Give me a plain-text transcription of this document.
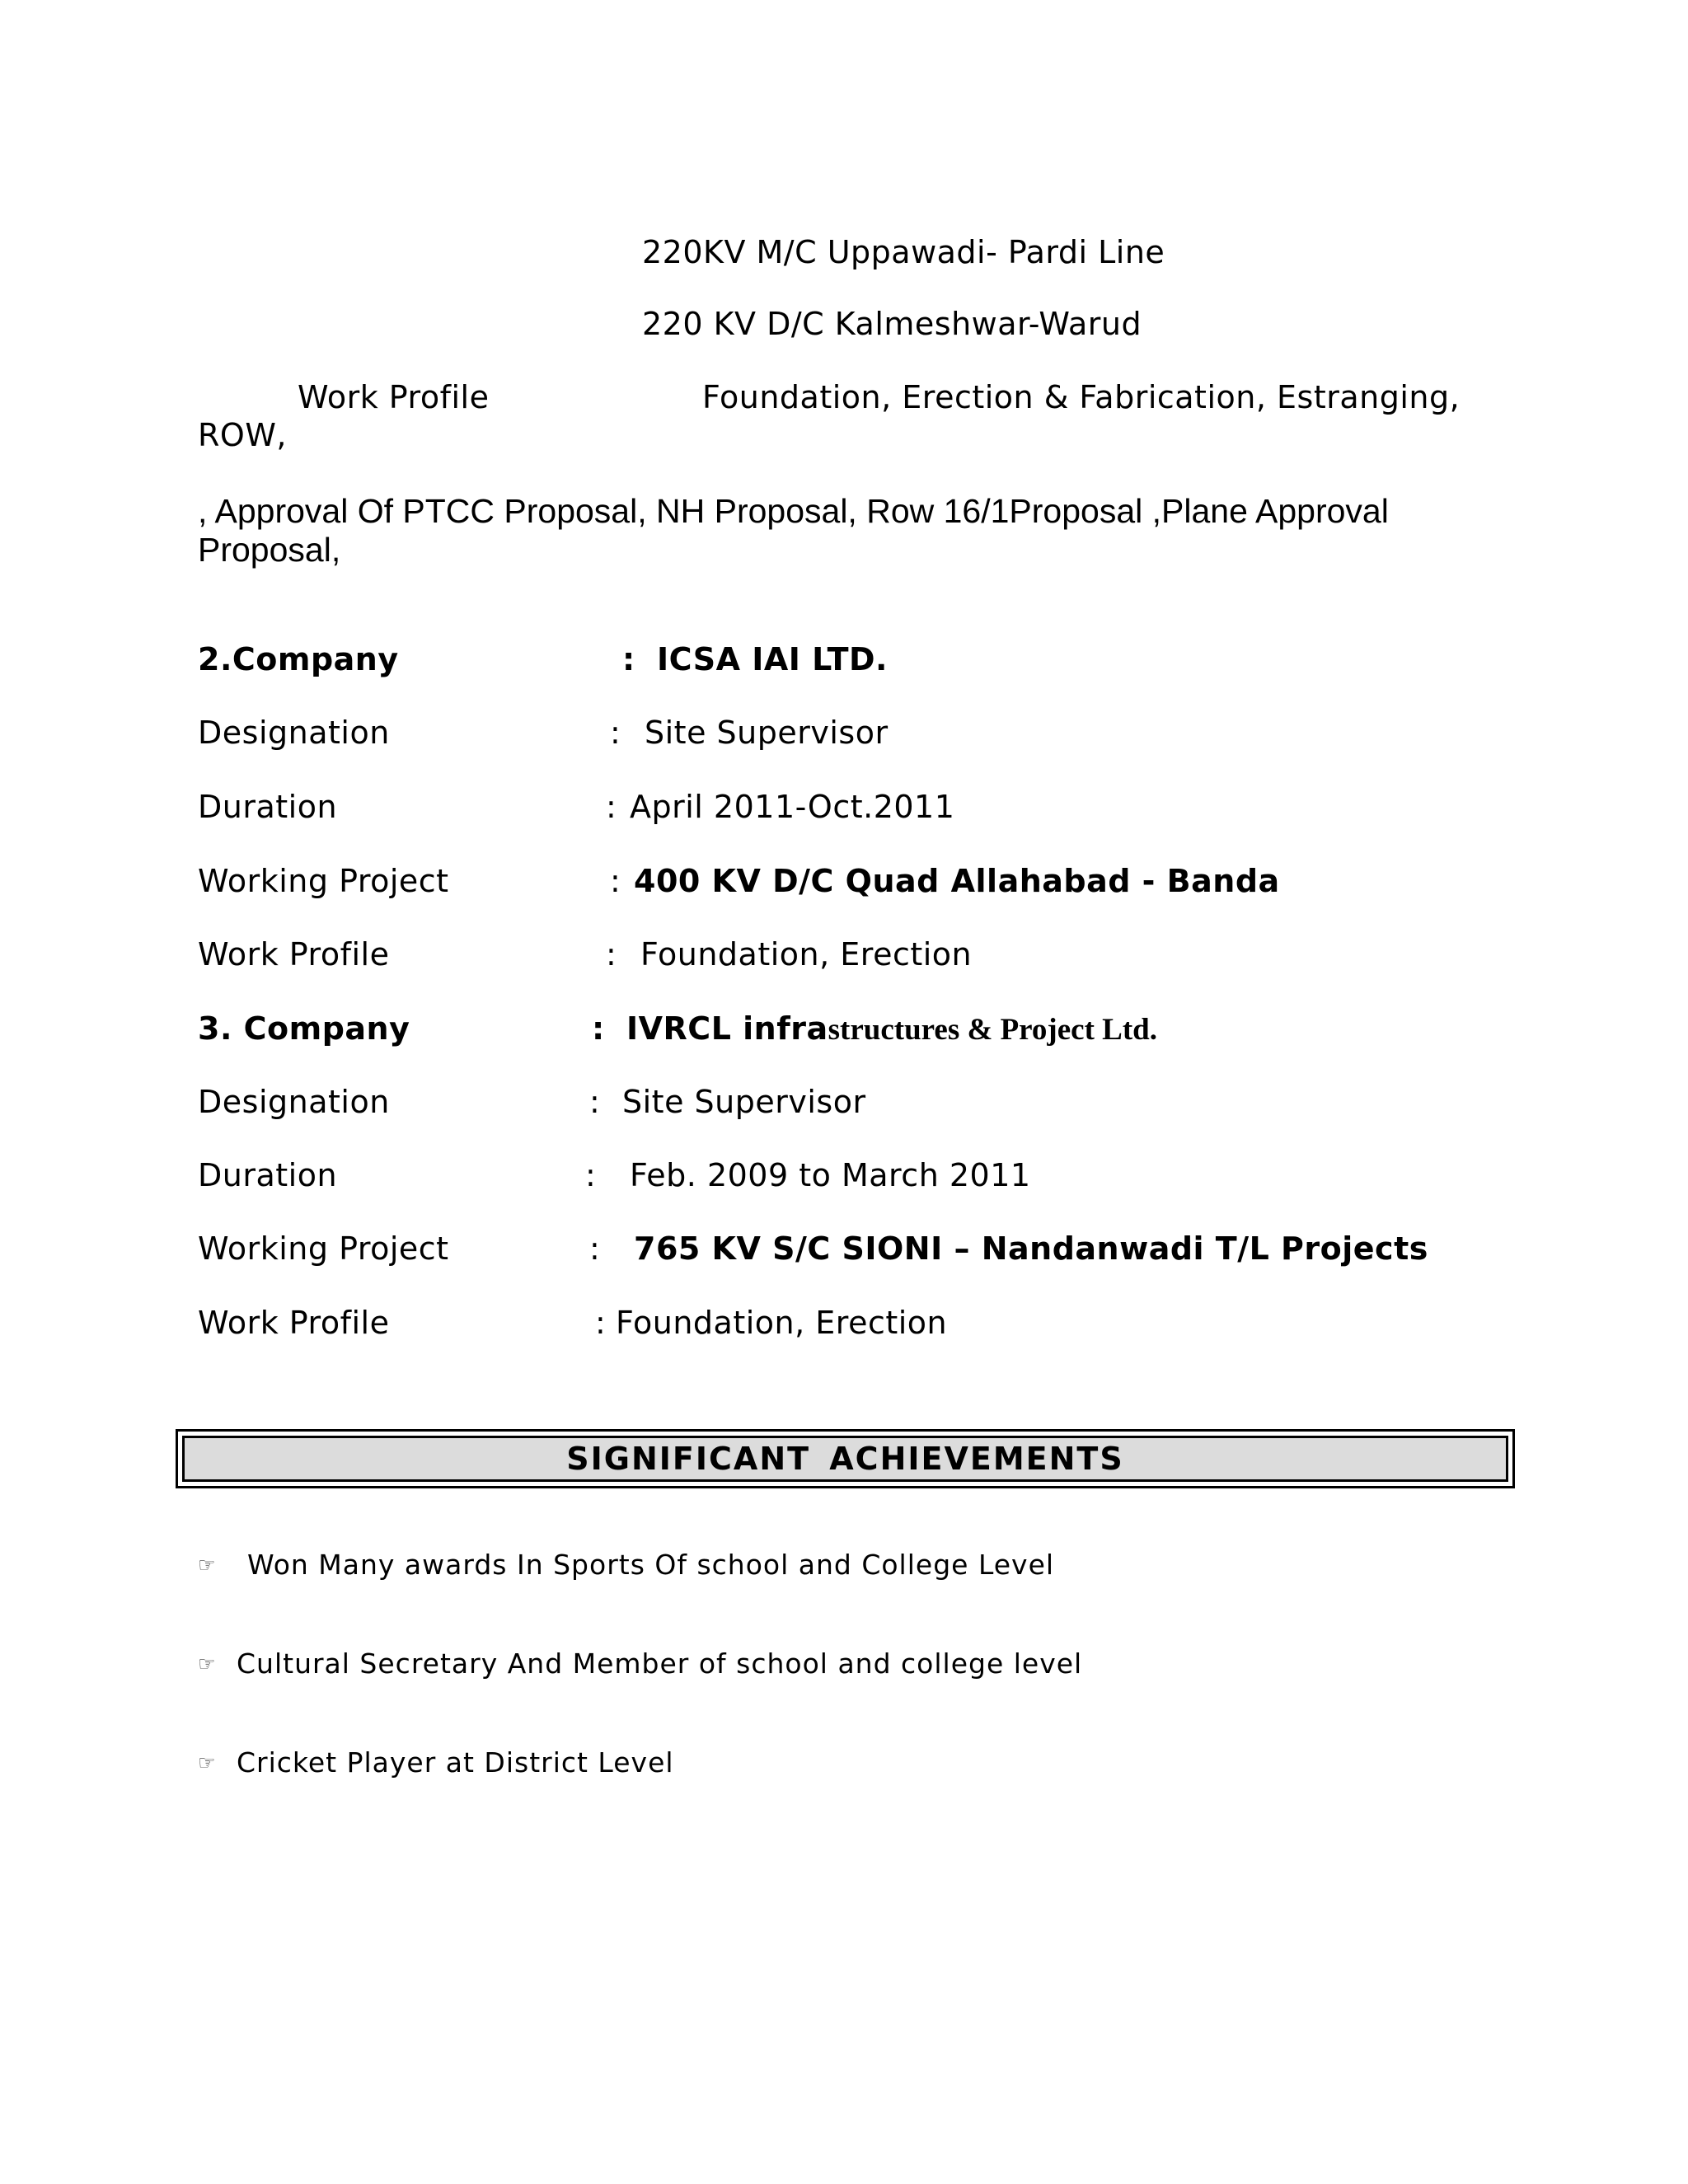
220KV M/C Uppawadi- Pardi Line
220 KV D/C Kalmeshwar-Warud
Work Profile	Foundation, Erection & Fabrication, Estranging,
ROW,
, Approval Of PTCC Proposal, NH Proposal, Row 16/1Proposal ,Plane Approval
Proposal,
2.Company	: ICSA IAI LTD.
Designation	: Site Supervisor
Duration	: April 2011-Oct.2011
Working Project	: 400 KV D/C Quad Allahabad - Banda
Work Profile	: Foundation, Erection
3. Company	: IVRCL infrastructures & Project Ltd.
Designation	: Site Supervisor
Duration	: Feb. 2009 to March 2011
Working Project	: 765 KV S/C SIONI – Nandanwadi T/L Projects
Work Profile	: Foundation, Erection
SIGNIFICANT ACHIEVEMENTS
☞ Won Many awards In Sports Of school and College Level
☞ Cultural Secretary And Member of school and college level
☞ Cricket Player at District Level
